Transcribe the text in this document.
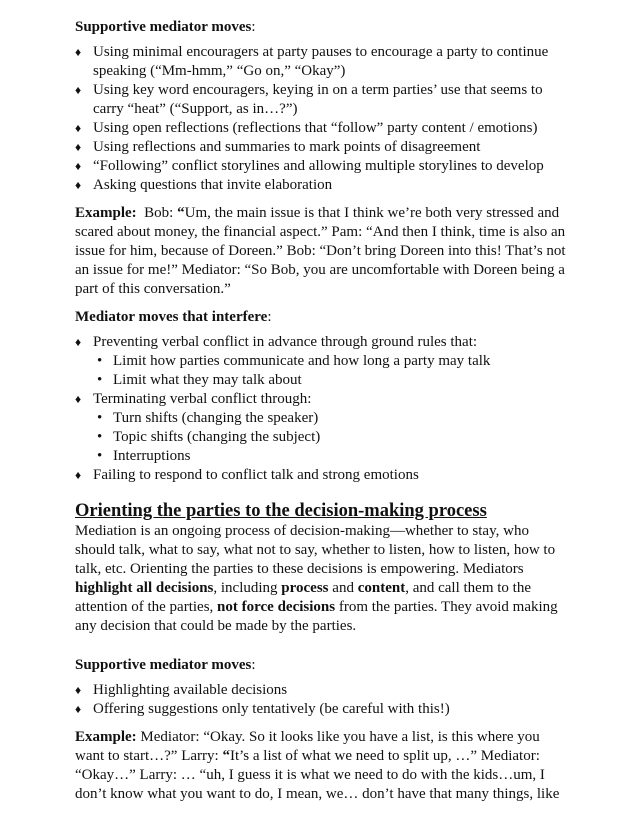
Supportive mediator moves:

♦ Using minimal encouragers at party pauses to encourage a party to continue speaking (“Mm-hmm,” “Go on,” “Okay”)
♦ Using key word encouragers, keying in on a term parties’ use that seems to carry “heat” (“Support, as in…?”)
♦ Using open reflections (reflections that “follow” party content / emotions)
♦ Using reflections and summaries to mark points of disagreement
♦ “Following” conflict storylines and allowing multiple storylines to develop
♦ Asking questions that invite elaboration

Example: Bob: “Um, the main issue is that I think we’re both very stressed and scared about money, the financial aspect.” Pam: “And then I think, time is also an issue for him, because of Doreen.” Bob: “Don’t bring Doreen into this! That’s not an issue for me!” Mediator: “So Bob, you are uncomfortable with Doreen being a part of this conversation.”

Mediator moves that interfere:

♦ Preventing verbal conflict in advance through ground rules that:
• Limit how parties communicate and how long a party may talk
• Limit what they may talk about
♦ Terminating verbal conflict through:
• Turn shifts (changing the speaker)
• Topic shifts (changing the subject)
• Interruptions
♦ Failing to respond to conflict talk and strong emotions

Orienting the parties to the decision-making process

Mediation is an ongoing process of decision-making—whether to stay, who should talk, what to say, what not to say, whether to listen, how to listen, how to talk, etc. Orienting the parties to these decisions is empowering. Mediators highlight all decisions, including process and content, and call them to the attention of the parties, not force decisions from the parties. They avoid making any decision that could be made by the parties.

Supportive mediator moves:

♦ Highlighting available decisions
♦ Offering suggestions only tentatively (be careful with this!)

Example: Mediator: “Okay. So it looks like you have a list, is this where you want to start…?” Larry: “It’s a list of what we need to split up, …” Mediator: “Okay…” Larry: … “uh, I guess it is what we need to do with the kids…um, I don’t know what you want to do, I mean, we… don’t have that many things, like
